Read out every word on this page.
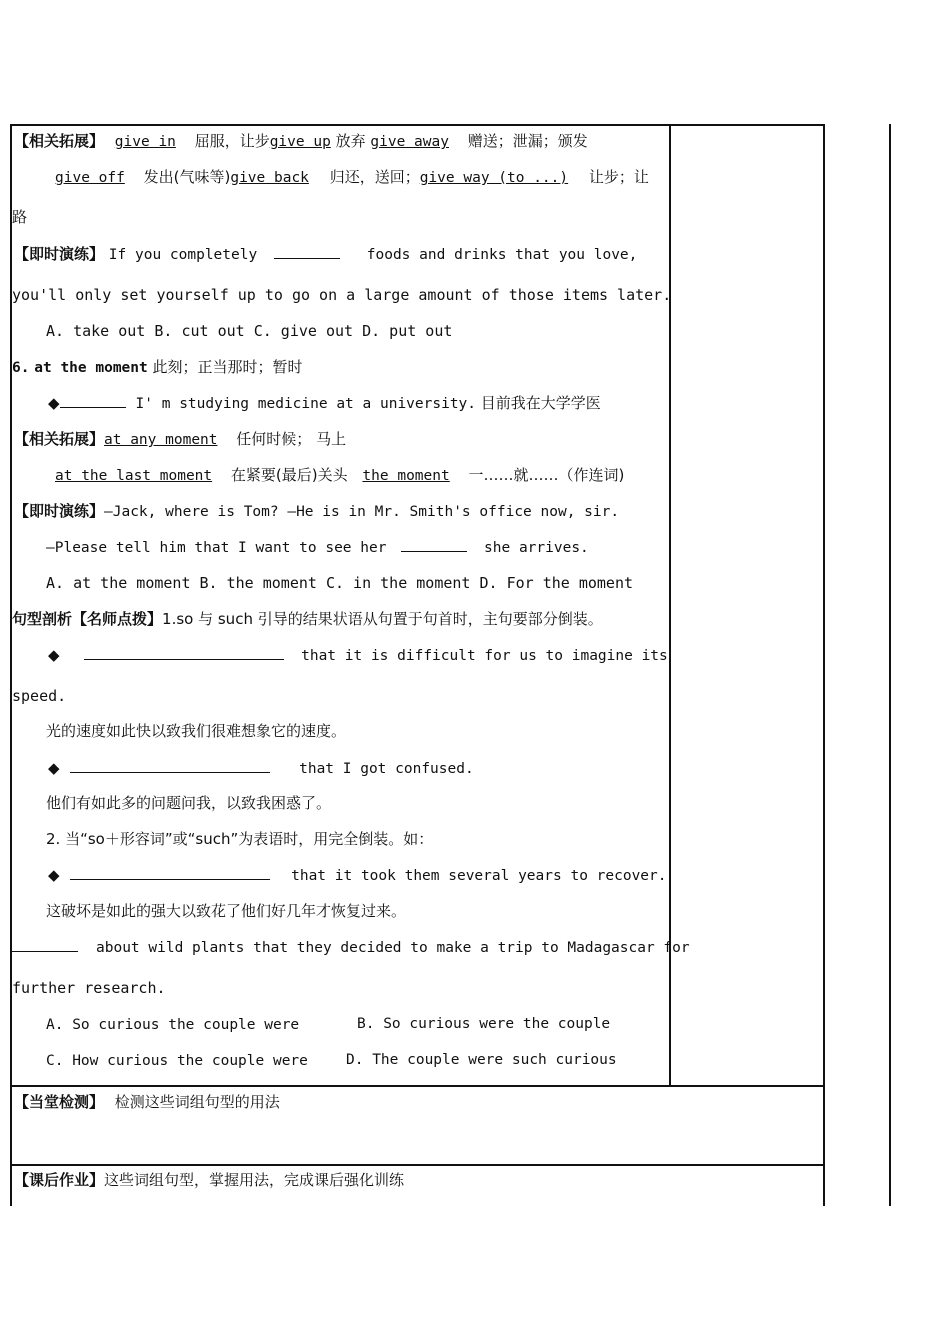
【相关拓展】 give in 屈服，让步give up 放弃 give away 赠送；泄漏；颁发
give off 发出(气味等)give back 归还，送回；give way (to ...) 让步；让
路
【即时演练】 If you completely	foods and drinks that you love,
you'll only set yourself up to go on a large amount of those items later.
A. take out B. cut out C. give out D. put out
6. at the moment 此刻；正当那时；暂时
◆	I' m studying medicine at a university. 目前我在大学学医
【相关拓展】at any moment 任何时候； 马上
at the last moment 在紧要(最后)关头 the moment 一……就……（作连词)
【即时演练】—Jack, where is Tom? —He is in Mr. Smith's office now, sir.
—Please tell him that I want to see her	she arrives.
A. at the moment B. the moment C. in the moment D. For the moment
句型剖析【名师点拨】1.so 与 such 引导的结果状语从句置于句首时，主句要部分倒装。
◆	that it is difficult for us to imagine its
speed.
光的速度如此快以致我们很难想象它的速度。
◆	that I got confused.
他们有如此多的问题问我，以致我困惑了。
2. 当“so＋形容词”或“such”为表语时，用完全倒装。如：
◆	that it took them several years to recover.
这破坏是如此的强大以致花了他们好几年才恢复过来。
about wild plants that they decided to make a trip to Madagascar for
further research.
A. So curious the couple were	B. So curious were the couple
C. How curious the couple were	D. The couple were such curious
【当堂检测】 检测这些词组句型的用法
【课后作业】这些词组句型，掌握用法，完成课后强化训练
